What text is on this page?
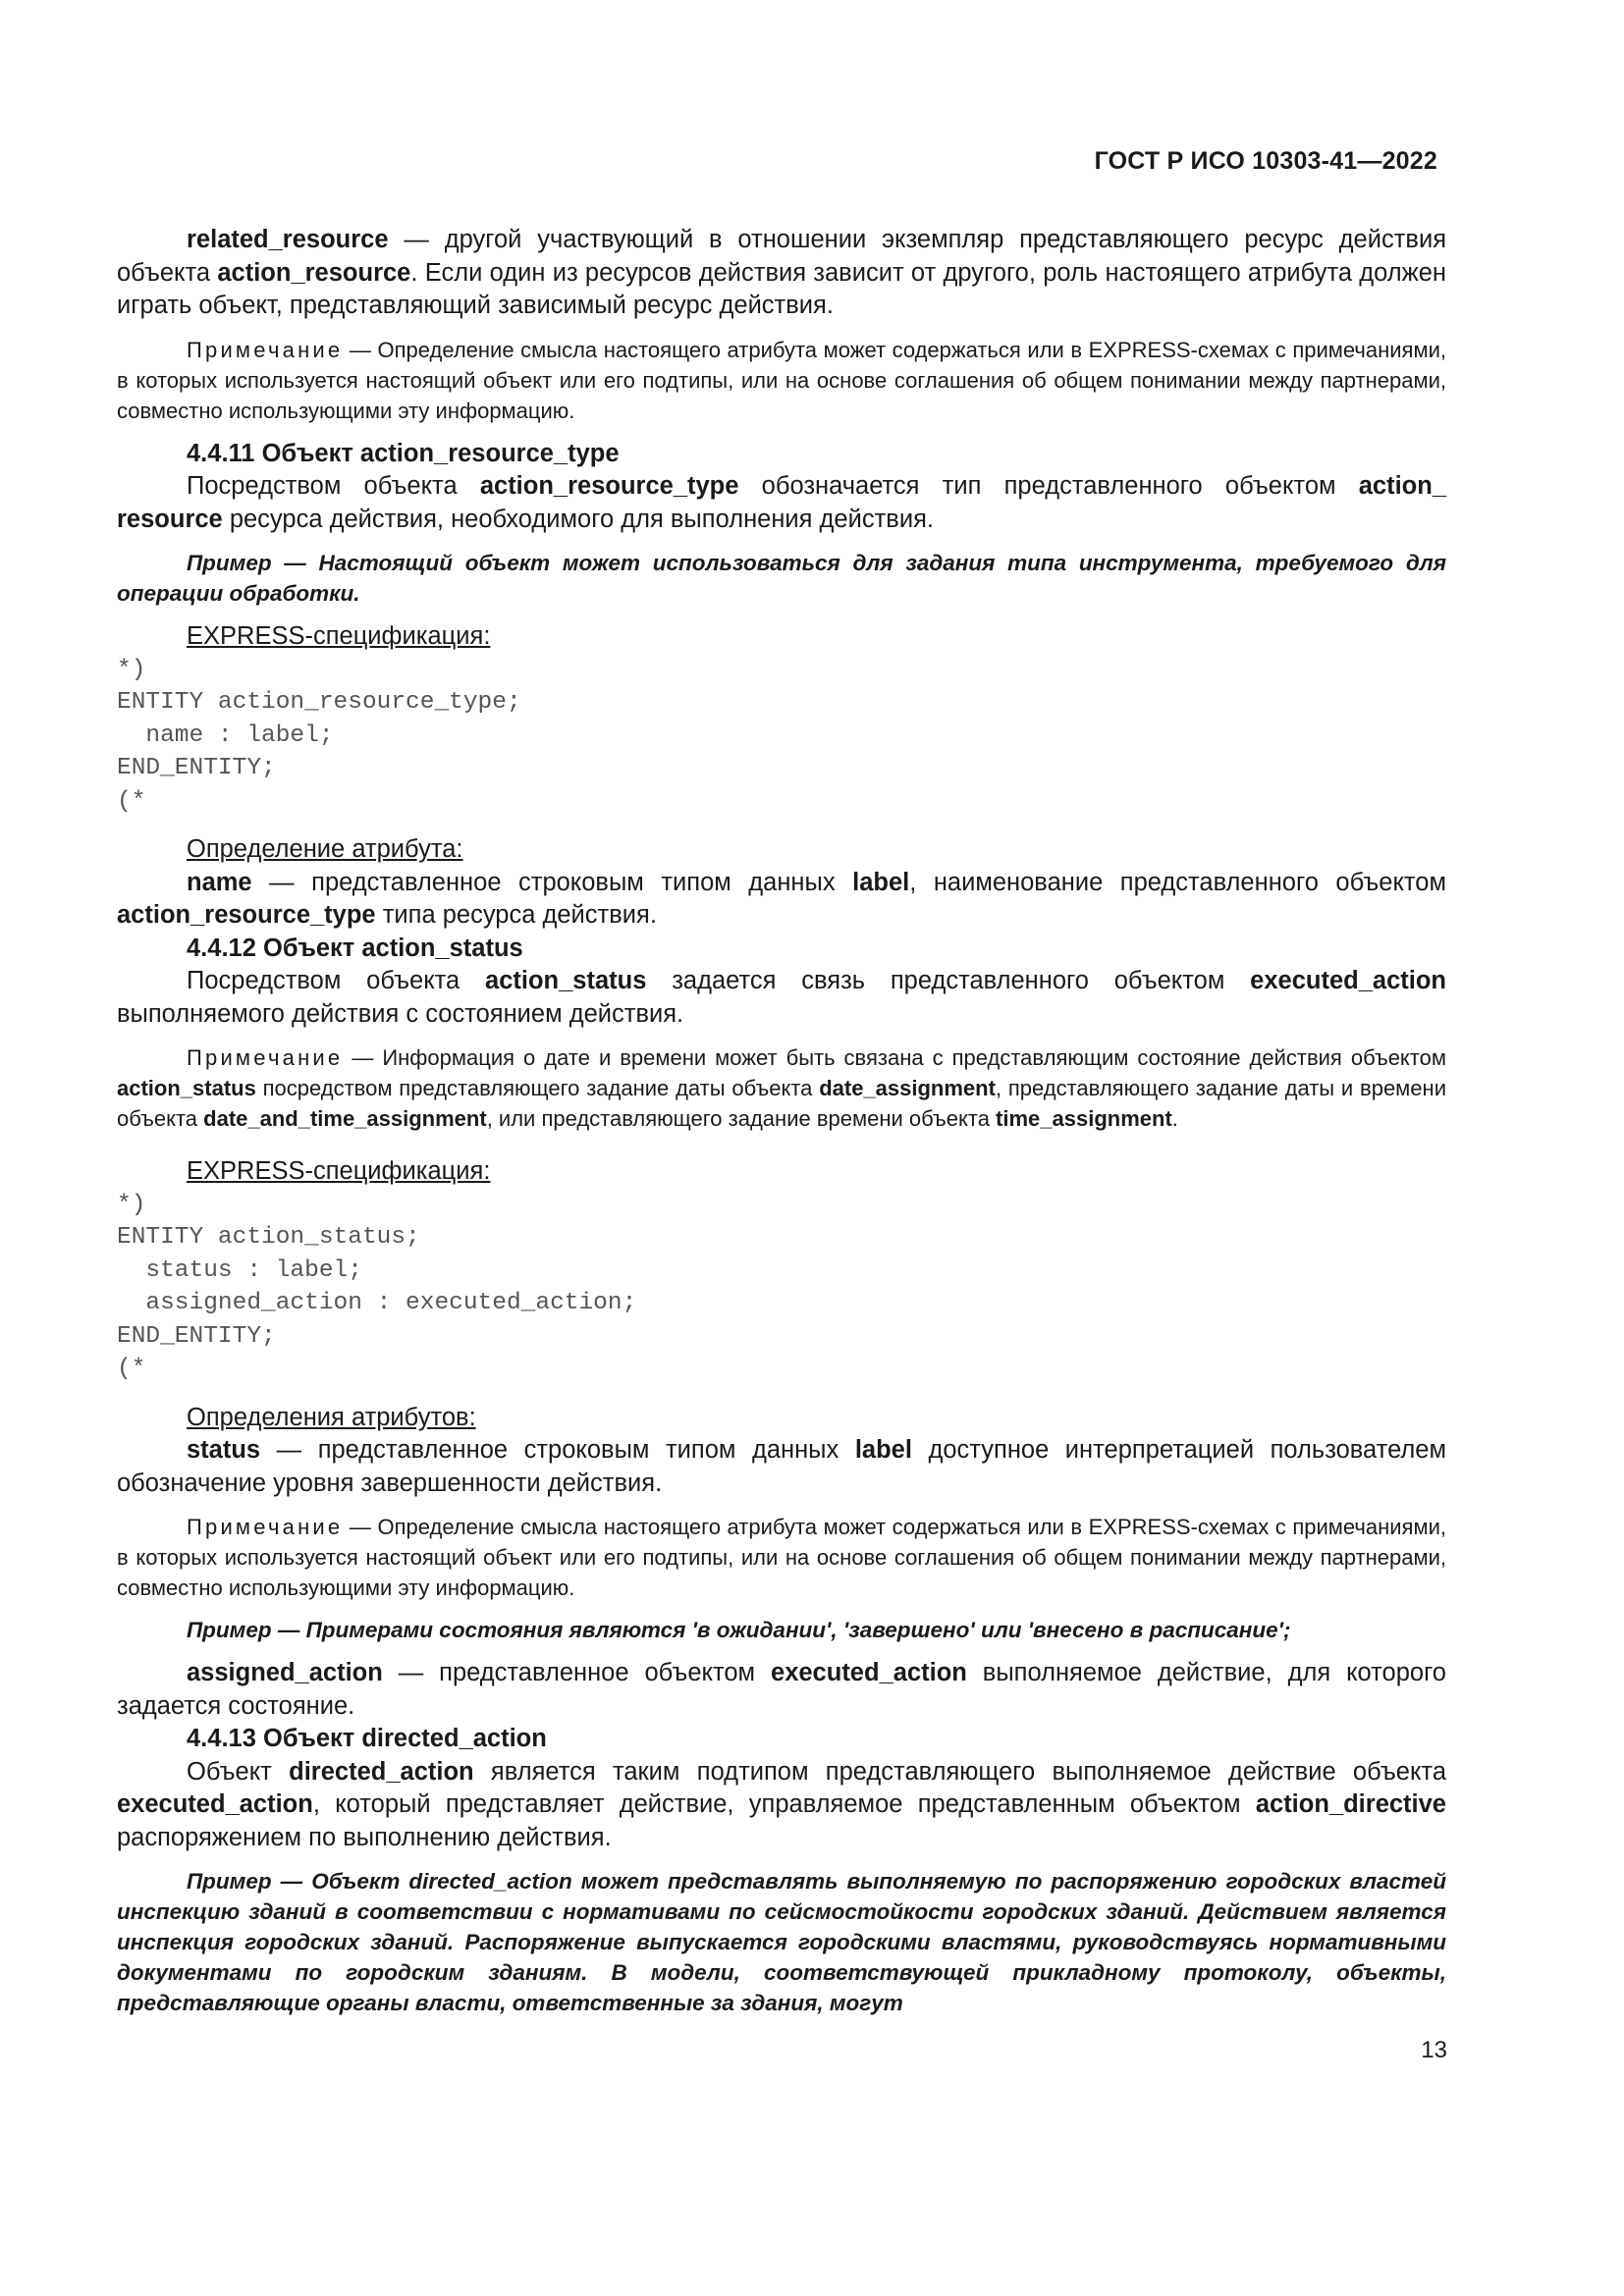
ГОСТ Р ИСО 10303-41—2022

related_resource — другой участвующий в отношении экземпляр представляющего ресурс действия объекта action_resource. Если один из ресурсов действия зависит от другого, роль настоящего атрибута должен играть объект, представляющий зависимый ресурс действия.

Примечание — Определение смысла настоящего атрибута может содержаться или в EXPRESS-схемах с примечаниями, в которых используется настоящий объект или его подтипы, или на основе соглашения об общем понимании между партнерами, совместно использующими эту информацию.

4.4.11 Объект action_resource_type

Посредством объекта action_resource_type обозначается тип представленного объектом action_ resource ресурса действия, необходимого для выполнения действия.

Пример — Настоящий объект может использоваться для задания типа инструмента, требуемого для операции обработки.

EXPRESS-спецификация:

*)
ENTITY action_resource_type;
name : label;
END_ENTITY;
(*

Определение атрибута:

name — представленное строковым типом данных label, наименование представленного объектом action_resource_type типа ресурса действия.

4.4.12 Объект action_status

Посредством объекта action_status задается связь представленного объектом executed_action выполняемого действия с состоянием действия.

Примечание — Информация о дате и времени может быть связана с представляющим состояние действия объектом action_status посредством представляющего задание даты объекта date_assignment, представляющего задание даты и времени объекта date_and_time_assignment, или представляющего задание времени объекта time_assignment.

EXPRESS-спецификация:

*)
ENTITY action_status;
status : label;
assigned_action : executed_action;
END_ENTITY;
(*

Определения атрибутов:

status — представленное строковым типом данных label доступное интерпретацией пользователем обозначение уровня завершенности действия.

Примечание — Определение смысла настоящего атрибута может содержаться или в EXPRESS-схемах с примечаниями, в которых используется настоящий объект или его подтипы, или на основе соглашения об общем понимании между партнерами, совместно использующими эту информацию.

Пример — Примерами состояния являются 'в ожидании', 'завершено' или 'внесено в расписание';

assigned_action — представленное объектом executed_action выполняемое действие, для которого задается состояние.

4.4.13 Объект directed_action

Объект directed_action является таким подтипом представляющего выполняемое действие объекта executed_action, который представляет действие, управляемое представленным объектом action_directive распоряжением по выполнению действия.

Пример — Объект directed_action может представлять выполняемую по распоряжению городских властей инспекцию зданий в соответствии с нормативами по сейсмостойкости городских зданий. Действием является инспекция городских зданий. Распоряжение выпускается городскими властями, руководствуясь нормативными документами по городским зданиям. В модели, соответствующей прикладному протоколу, объекты, представляющие органы власти, ответственные за здания, могут

13
